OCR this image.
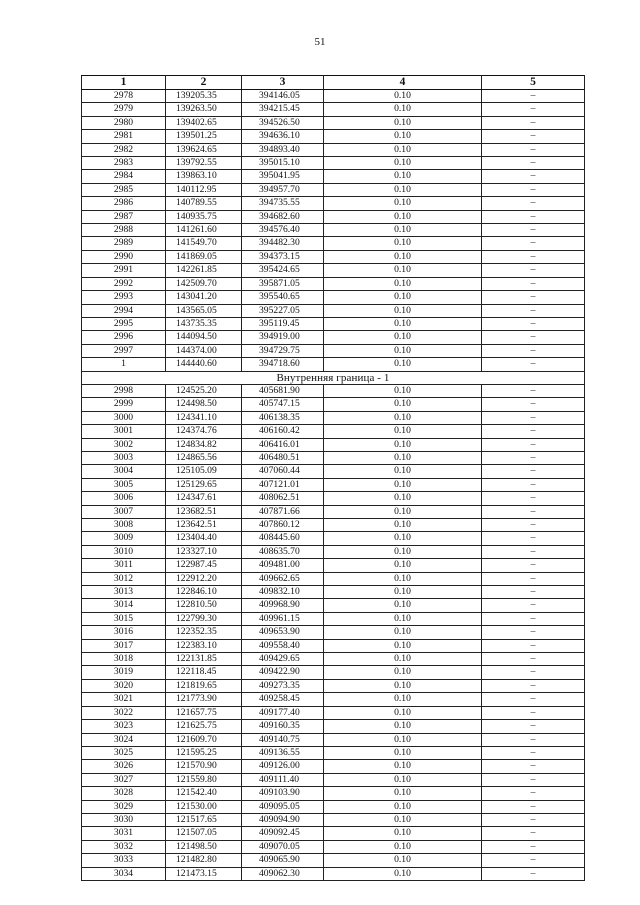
51
1	2	3	4	5
2978	139205.35	394146.05	0.10	–
2979	139263.50	394215.45	0.10	–
2980	139402.65	394526.50	0.10	–
2981	139501.25	394636.10	0.10	–
2982	139624.65	394893.40	0.10	–
2983	139792.55	395015.10	0.10	–
2984	139863.10	395041.95	0.10	–
2985	140112.95	394957.70	0.10	–
2986	140789.55	394735.55	0.10	–
2987	140935.75	394682.60	0.10	–
2988	141261.60	394576.40	0.10	–
2989	141549.70	394482.30	0.10	–
2990	141869.05	394373.15	0.10	–
2991	142261.85	395424.65	0.10	–
2992	142509.70	395871.05	0.10	–
2993	143041.20	395540.65	0.10	–
2994	143565.05	395227.05	0.10	–
2995	143735.35	395119.45	0.10	–
2996	144094.50	394919.00	0.10	–
2997	144374.00	394729.75	0.10	–
1	144440.60	394718.60	0.10	–
Внутренняя граница - 1				
2998	124525.20	405681.90	0.10	–
2999	124498.50	405747.15	0.10	–
3000	124341.10	406138.35	0.10	–
3001	124374.76	406160.42	0.10	–
3002	124834.82	406416.01	0.10	–
3003	124865.56	406480.51	0.10	–
3004	125105.09	407060.44	0.10	–
3005	125129.65	407121.01	0.10	–
3006	124347.61	408062.51	0.10	–
3007	123682.51	407871.66	0.10	–
3008	123642.51	407860.12	0.10	–
3009	123404.40	408445.60	0.10	–
3010	123327.10	408635.70	0.10	–
3011	122987.45	409481.00	0.10	–
3012	122912.20	409662.65	0.10	–
3013	122846.10	409832.10	0.10	–
3014	122810.50	409968.90	0.10	–
3015	122799.30	409961.15	0.10	–
3016	122352.35	409653.90	0.10	–
3017	122383.10	409558.40	0.10	–
3018	122131.85	409429.65	0.10	–
3019	122118.45	409422.90	0.10	–
3020	121819.65	409273.35	0.10	–
3021	121773.90	409258.45	0.10	–
3022	121657.75	409177.40	0.10	–
3023	121625.75	409160.35	0.10	–
3024	121609.70	409140.75	0.10	–
3025	121595.25	409136.55	0.10	–
3026	121570.90	409126.00	0.10	–
3027	121559.80	409111.40	0.10	–
3028	121542.40	409103.90	0.10	–
3029	121530.00	409095.05	0.10	–
3030	121517.65	409094.90	0.10	–
3031	121507.05	409092.45	0.10	–
3032	121498.50	409070.05	0.10	–
3033	121482.80	409065.90	0.10	–
3034	121473.15	409062.30	0.10	–
